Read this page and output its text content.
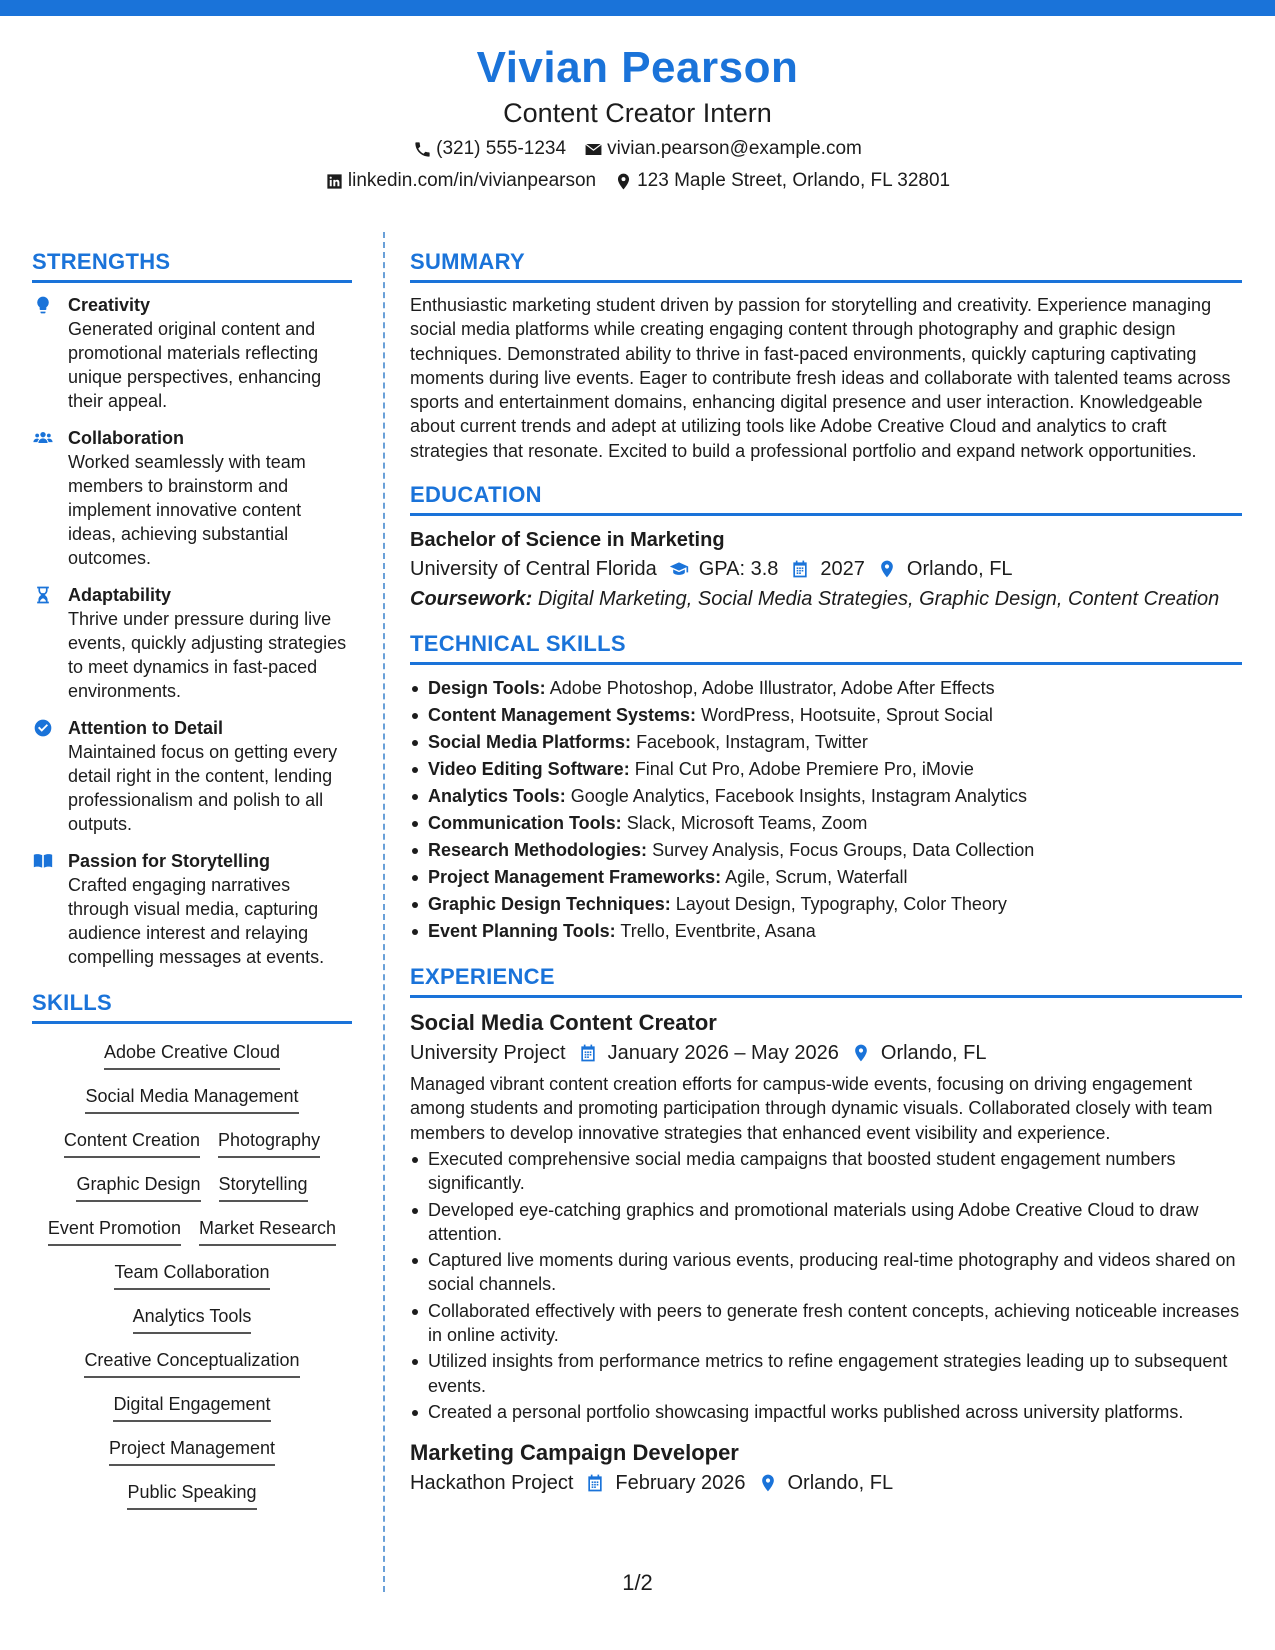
Vivian Pearson
Content Creator Intern
(321) 555-1234 vivian.pearson@example.com
linkedin.com/in/vivianpearson 123 Maple Street, Orlando, FL 32801
STRENGTHS
Creativity
Generated original content and promotional materials reflecting unique perspectives, enhancing their appeal.
Collaboration
Worked seamlessly with team members to brainstorm and implement innovative content ideas, achieving substantial outcomes.
Adaptability
Thrive under pressure during live events, quickly adjusting strategies to meet dynamics in fast-paced environments.
Attention to Detail
Maintained focus on getting every detail right in the content, lending professionalism and polish to all outputs.
Passion for Storytelling
Crafted engaging narratives through visual media, capturing audience interest and relaying compelling messages at events.
SKILLS
Adobe Creative Cloud
Social Media Management
Content Creation Photography
Graphic Design Storytelling
Event Promotion Market Research
Team Collaboration
Analytics Tools
Creative Conceptualization
Digital Engagement
Project Management
Public Speaking
SUMMARY
Enthusiastic marketing student driven by passion for storytelling and creativity. Experience managing social media platforms while creating engaging content through photography and graphic design techniques. Demonstrated ability to thrive in fast-paced environments, quickly capturing captivating moments during live events. Eager to contribute fresh ideas and collaborate with talented teams across sports and entertainment domains, enhancing digital presence and user interaction. Knowledgeable about current trends and adept at utilizing tools like Adobe Creative Cloud and analytics to craft strategies that resonate. Excited to build a professional portfolio and expand network opportunities.
EDUCATION
Bachelor of Science in Marketing
University of Central Florida GPA: 3.8 2027 Orlando, FL
Coursework: Digital Marketing, Social Media Strategies, Graphic Design, Content Creation
TECHNICAL SKILLS
Design Tools: Adobe Photoshop, Adobe Illustrator, Adobe After Effects
Content Management Systems: WordPress, Hootsuite, Sprout Social
Social Media Platforms: Facebook, Instagram, Twitter
Video Editing Software: Final Cut Pro, Adobe Premiere Pro, iMovie
Analytics Tools: Google Analytics, Facebook Insights, Instagram Analytics
Communication Tools: Slack, Microsoft Teams, Zoom
Research Methodologies: Survey Analysis, Focus Groups, Data Collection
Project Management Frameworks: Agile, Scrum, Waterfall
Graphic Design Techniques: Layout Design, Typography, Color Theory
Event Planning Tools: Trello, Eventbrite, Asana
EXPERIENCE
Social Media Content Creator
University Project January 2026 – May 2026 Orlando, FL
Managed vibrant content creation efforts for campus-wide events, focusing on driving engagement among students and promoting participation through dynamic visuals. Collaborated closely with team members to develop innovative strategies that enhanced event visibility and experience.
Executed comprehensive social media campaigns that boosted student engagement numbers significantly.
Developed eye-catching graphics and promotional materials using Adobe Creative Cloud to draw attention.
Captured live moments during various events, producing real-time photography and videos shared on social channels.
Collaborated effectively with peers to generate fresh content concepts, achieving noticeable increases in online activity.
Utilized insights from performance metrics to refine engagement strategies leading up to subsequent events.
Created a personal portfolio showcasing impactful works published across university platforms.
Marketing Campaign Developer
Hackathon Project February 2026 Orlando, FL
1/2
